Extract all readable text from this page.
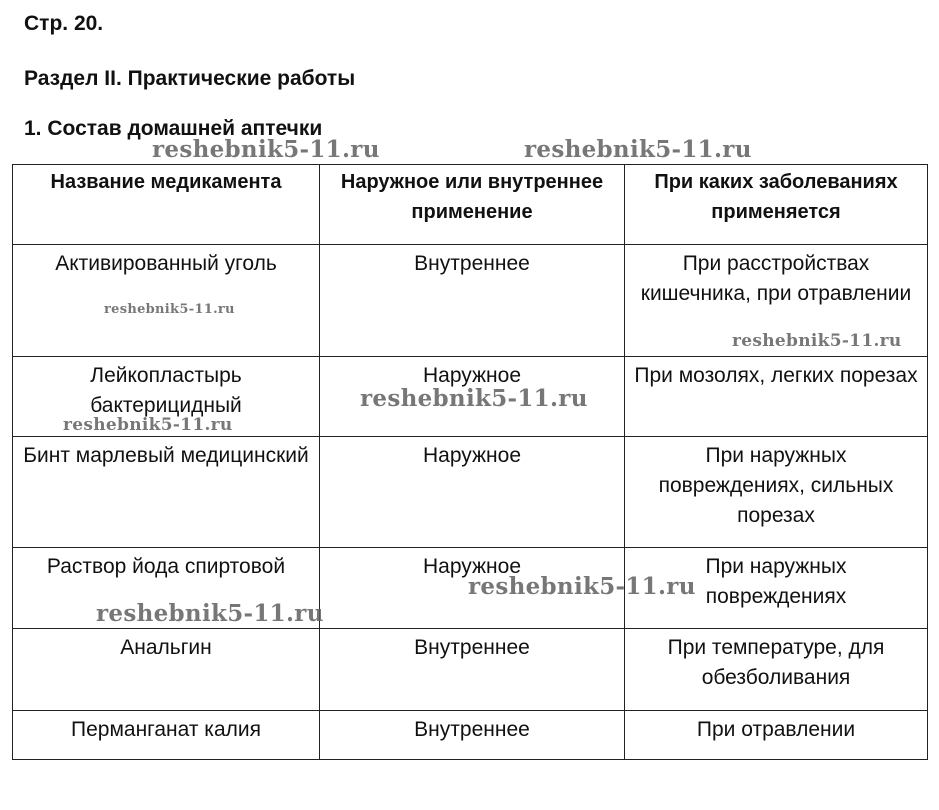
Стр. 20.
Раздел II. Практические работы
1. Состав домашней аптечки
Название медикамента	Наружное или внутреннее применение	При каких заболеваниях применяется
Активированный уголь	Внутреннее	При расстройствах кишечника, при отравлении
Лейкопластырь бактерицидный	Наружное	При мозолях, легких порезах
Бинт марлевый медицинский	Наружное	При наружных повреждениях, сильных порезах
Раствор йода спиртовой	Наружное	При наружных повреждениях
Анальгин	Внутреннее	При температуре, для обезболивания
Перманганат калия	Внутреннее	При отравлении
reshebnik5-11.ru	reshebnik5-11.ru
reshebnik5-11.ru
reshebnik5-11.ru
reshebnik5-11.ru
reshebnik5-11.ru
reshebnik5-11.ru
reshebnik5-11.ru
